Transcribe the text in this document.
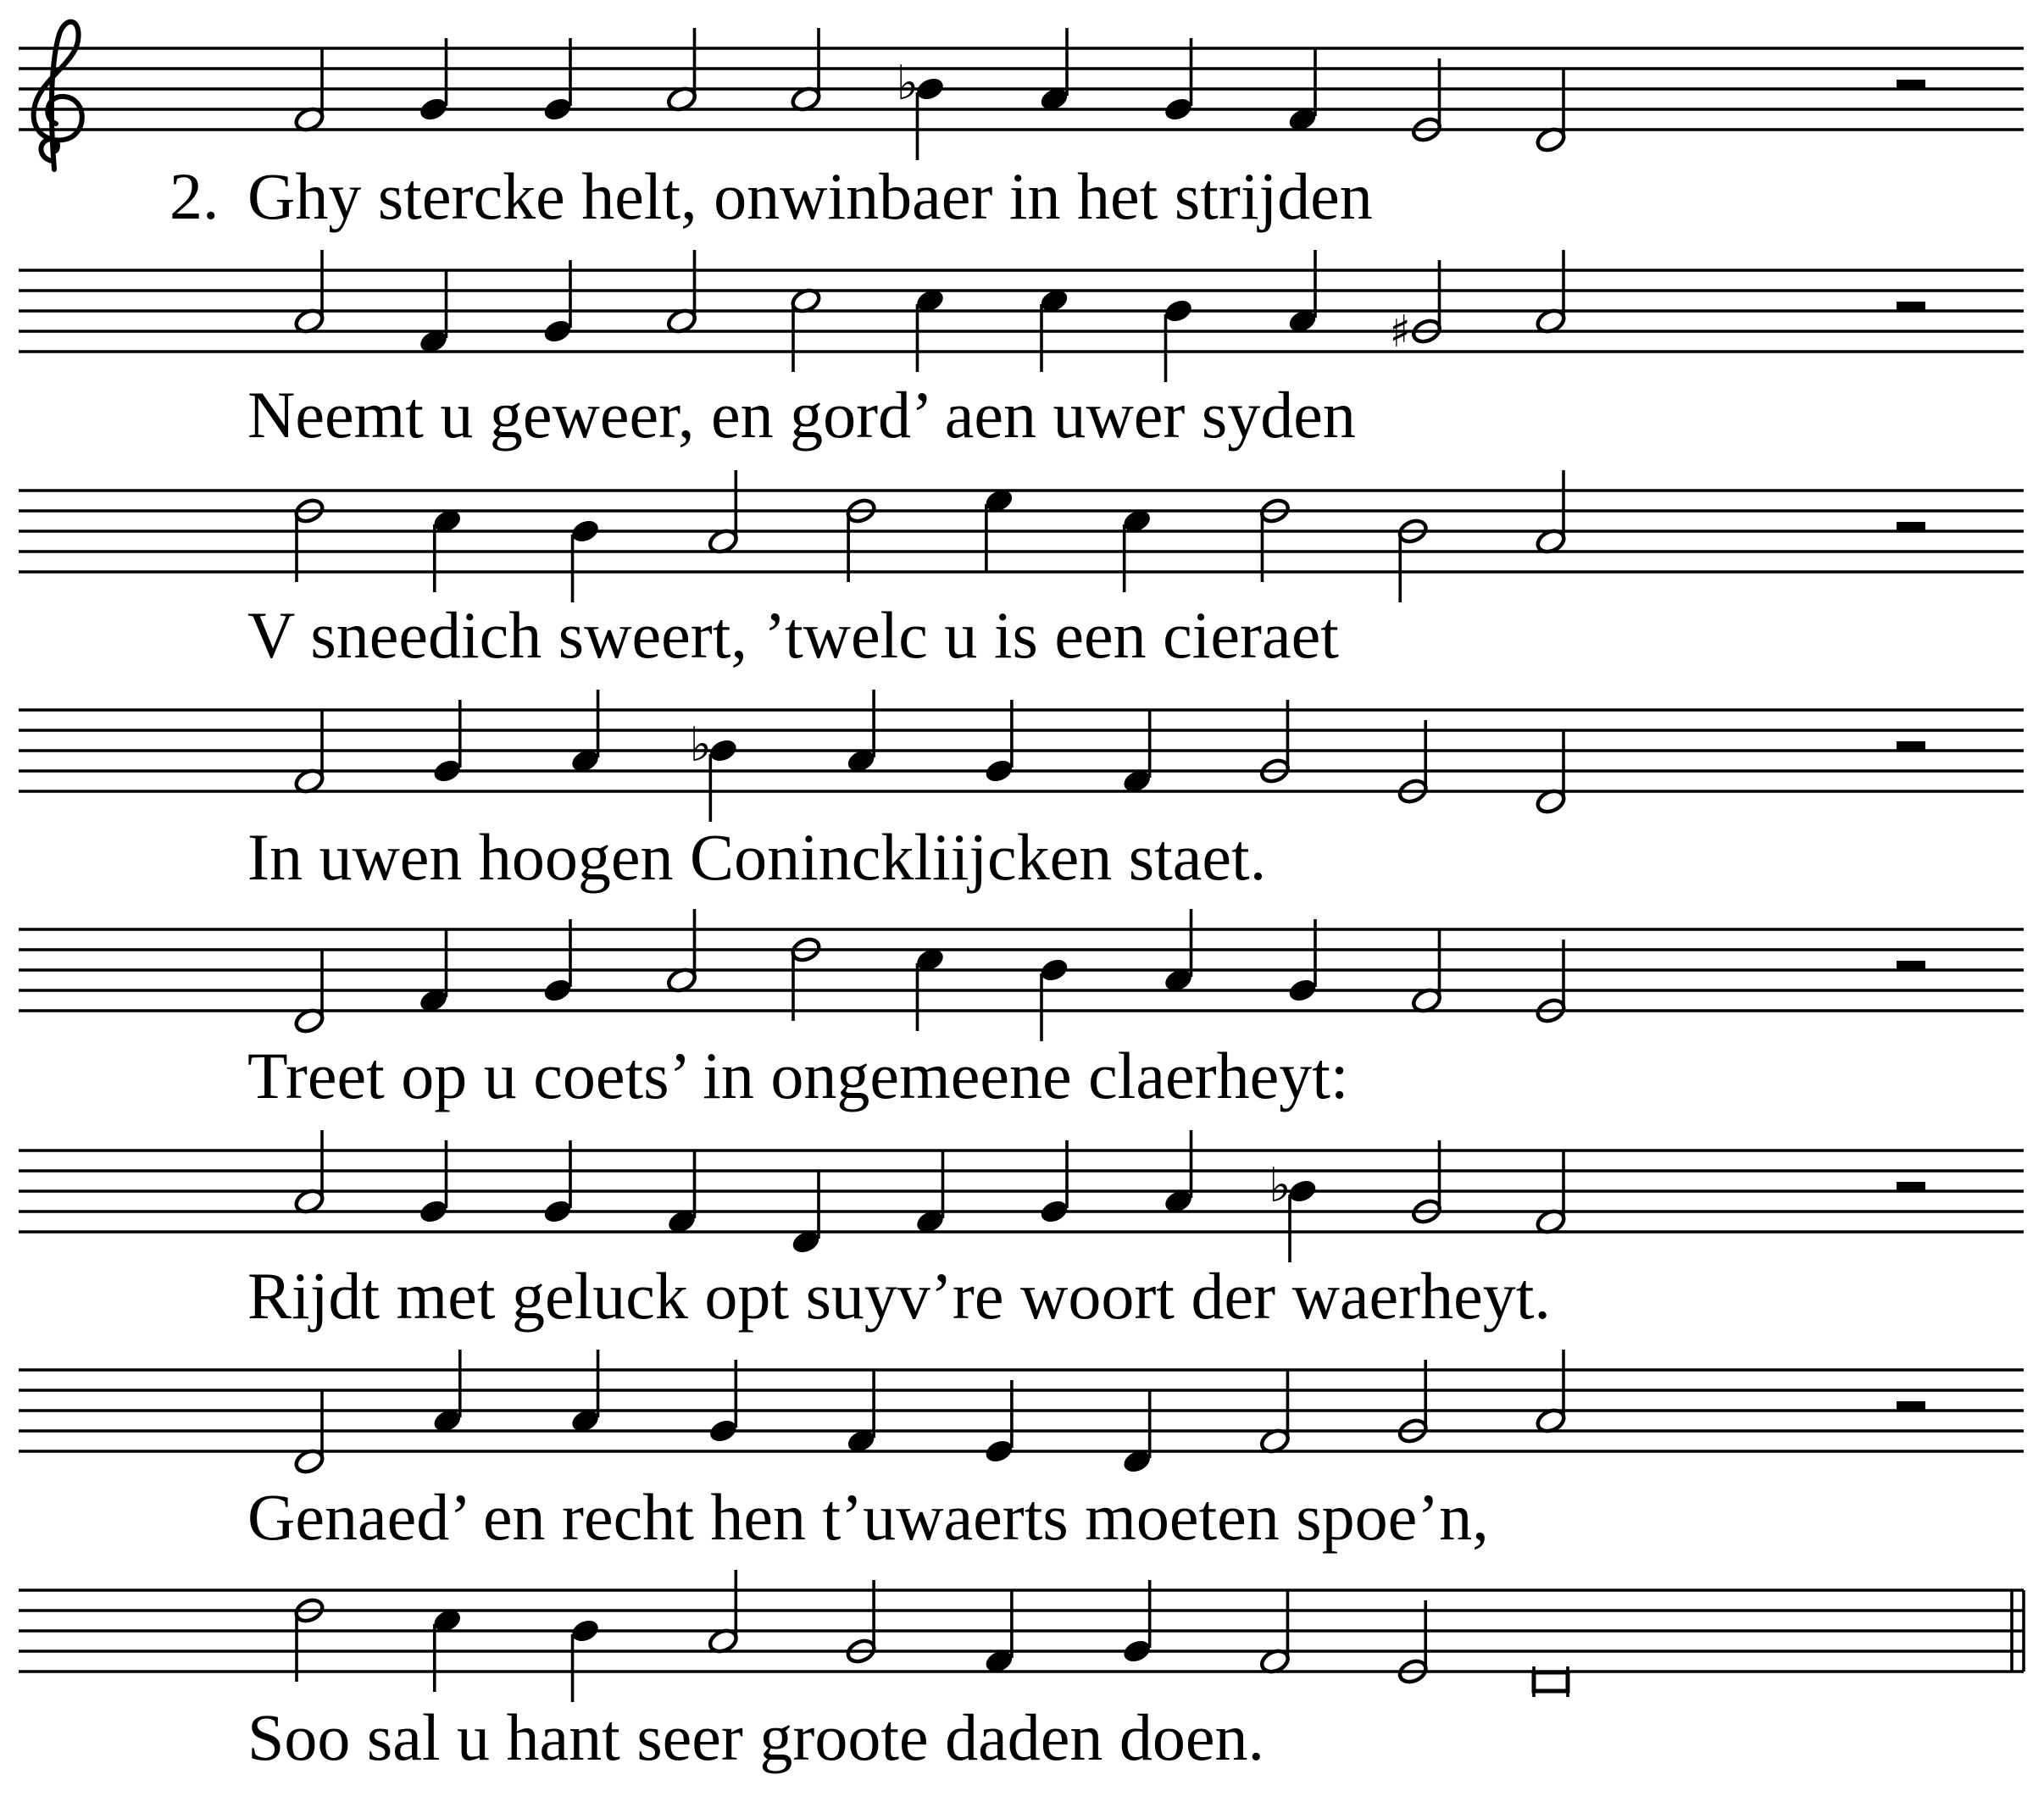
♭
2. Ghy stercke helt, onwinbaer in het strijden
♯
Neemt u geweer, en gord’ aen uwer syden
V sneedich sweert, ’twelc u is een cieraet
♭
In uwen hoogen Coninckliijcken staet.
Treet op u coets’ in ongemeene claerheyt:
♭
Rijdt met geluck opt suyv’re woort der waerheyt.
Genaed’ en recht hen t’uwaerts moeten spoe’n,
Soo sal u hant seer groote daden doen.
